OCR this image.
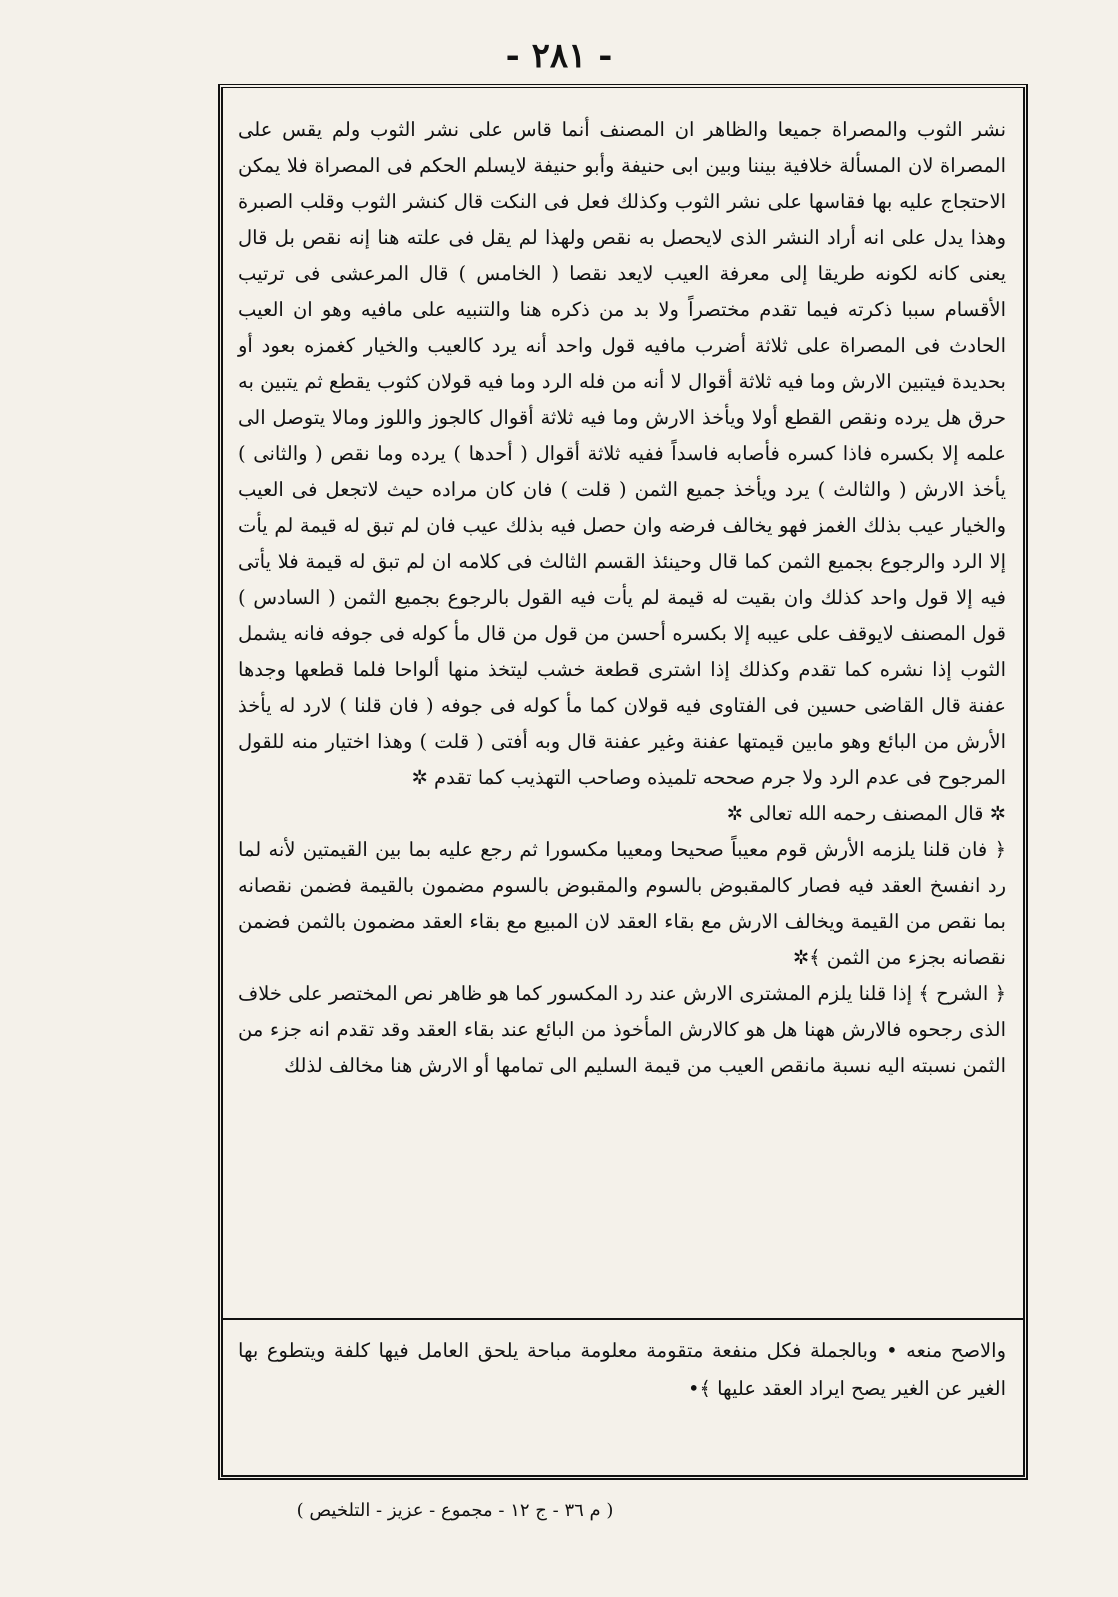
- ٢٨١ -

نشر الثوب والمصراة جميعا والظاهر ان المصنف أنما قاس على نشر الثوب ولم يقس على المصراة لان المسألة خلافية بيننا وبين ابى حنيفة وأبو حنيفة لايسلم الحكم فى المصراة فلا يمكن الاحتجاج عليه بها فقاسها على نشر الثوب وكذلك فعل فى النكت قال كنشر الثوب وقلب الصبرة وهذا يدل على انه أراد النشر الذى لايحصل به نقص ولهذا لم يقل فى علته هنا إنه نقص بل قال يعنى كانه لكونه طريقا إلى معرفة العيب لايعد نقصا ( الخامس ) قال المرعشى فى ترتيب الأقسام سببا ذكرته فيما تقدم مختصراً ولا بد من ذكره هنا والتنبيه على مافيه وهو ان العيب الحادث فى المصراة على ثلاثة أضرب مافيه قول واحد أنه يرد كالعيب والخيار كغمزه بعود أو بحديدة فيتبين الارش وما فيه ثلاثة أقوال لا أنه من فله الرد وما فيه قولان كثوب يقطع ثم يتبين به حرق هل يرده ونقص القطع أولا ويأخذ الارش وما فيه ثلاثة أقوال كالجوز واللوز ومالا يتوصل الى علمه إلا بكسره فاذا كسره فأصابه فاسداً ففيه ثلاثة أقوال ( أحدها ) يرده وما نقص ( والثانى ) يأخذ الارش ( والثالث ) يرد ويأخذ جميع الثمن ( قلت ) فان كان مراده حيث لاتجعل فى العيب والخيار عيب بذلك الغمز فهو يخالف فرضه وان حصل فيه بذلك عيب فان لم تبق له قيمة لم يأت إلا الرد والرجوع بجميع الثمن كما قال وحينئذ القسم الثالث فى كلامه ان لم تبق له قيمة فلا يأتى فيه إلا قول واحد كذلك وان بقيت له قيمة لم يأت فيه القول بالرجوع بجميع الثمن ( السادس ) قول المصنف لايوقف على عيبه إلا بكسره أحسن من قول من قال مأ كوله فى جوفه فانه يشمل الثوب إذا نشره كما تقدم وكذلك إذا اشترى قطعة خشب ليتخذ منها ألواحا فلما قطعها وجدها عفنة قال القاضى حسين فى الفتاوى فيه قولان كما مأ كوله فى جوفه ( فان قلنا ) لارد له يأخذ الأرش من البائع وهو مابين قيمتها عفنة وغير عفنة قال وبه أفتى ( قلت ) وهذا اختيار منه للقول المرجوح فى عدم الرد ولا جرم صححه تلميذه وصاحب التهذيب كما تقدم ✲

✲ قال المصنف رحمه الله تعالى ✲

﴿ فان قلنا يلزمه الأرش قوم معيباً صحيحا ومعيبا مكسورا ثم رجع عليه بما بين القيمتين لأنه لما رد انفسخ العقد فيه فصار كالمقبوض بالسوم والمقبوض بالسوم مضمون بالقيمة فضمن نقصانه بما نقص من القيمة ويخالف الارش مع بقاء العقد لان المبيع مع بقاء العقد مضمون بالثمن فضمن نقصانه بجزء من الثمن ﴾✲

﴿ الشرح ﴾ إذا قلنا يلزم المشترى الارش عند رد المكسور كما هو ظاهر نص المختصر على خلاف الذى رجحوه فالارش ههنا هل هو كالارش المأخوذ من البائع عند بقاء العقد وقد تقدم انه جزء من الثمن نسبته اليه نسبة مانقص العيب من قيمة السليم الى تمامها أو الارش هنا مخالف لذلك

والاصح منعه • وبالجملة فكل منفعة متقومة معلومة مباحة يلحق العامل فيها كلفة ويتطوع بها الغير عن الغير يصح ايراد العقد عليها ﴾•

( م ٣٦ - ج ١٢ - مجموع - عزيز - التلخيص )
